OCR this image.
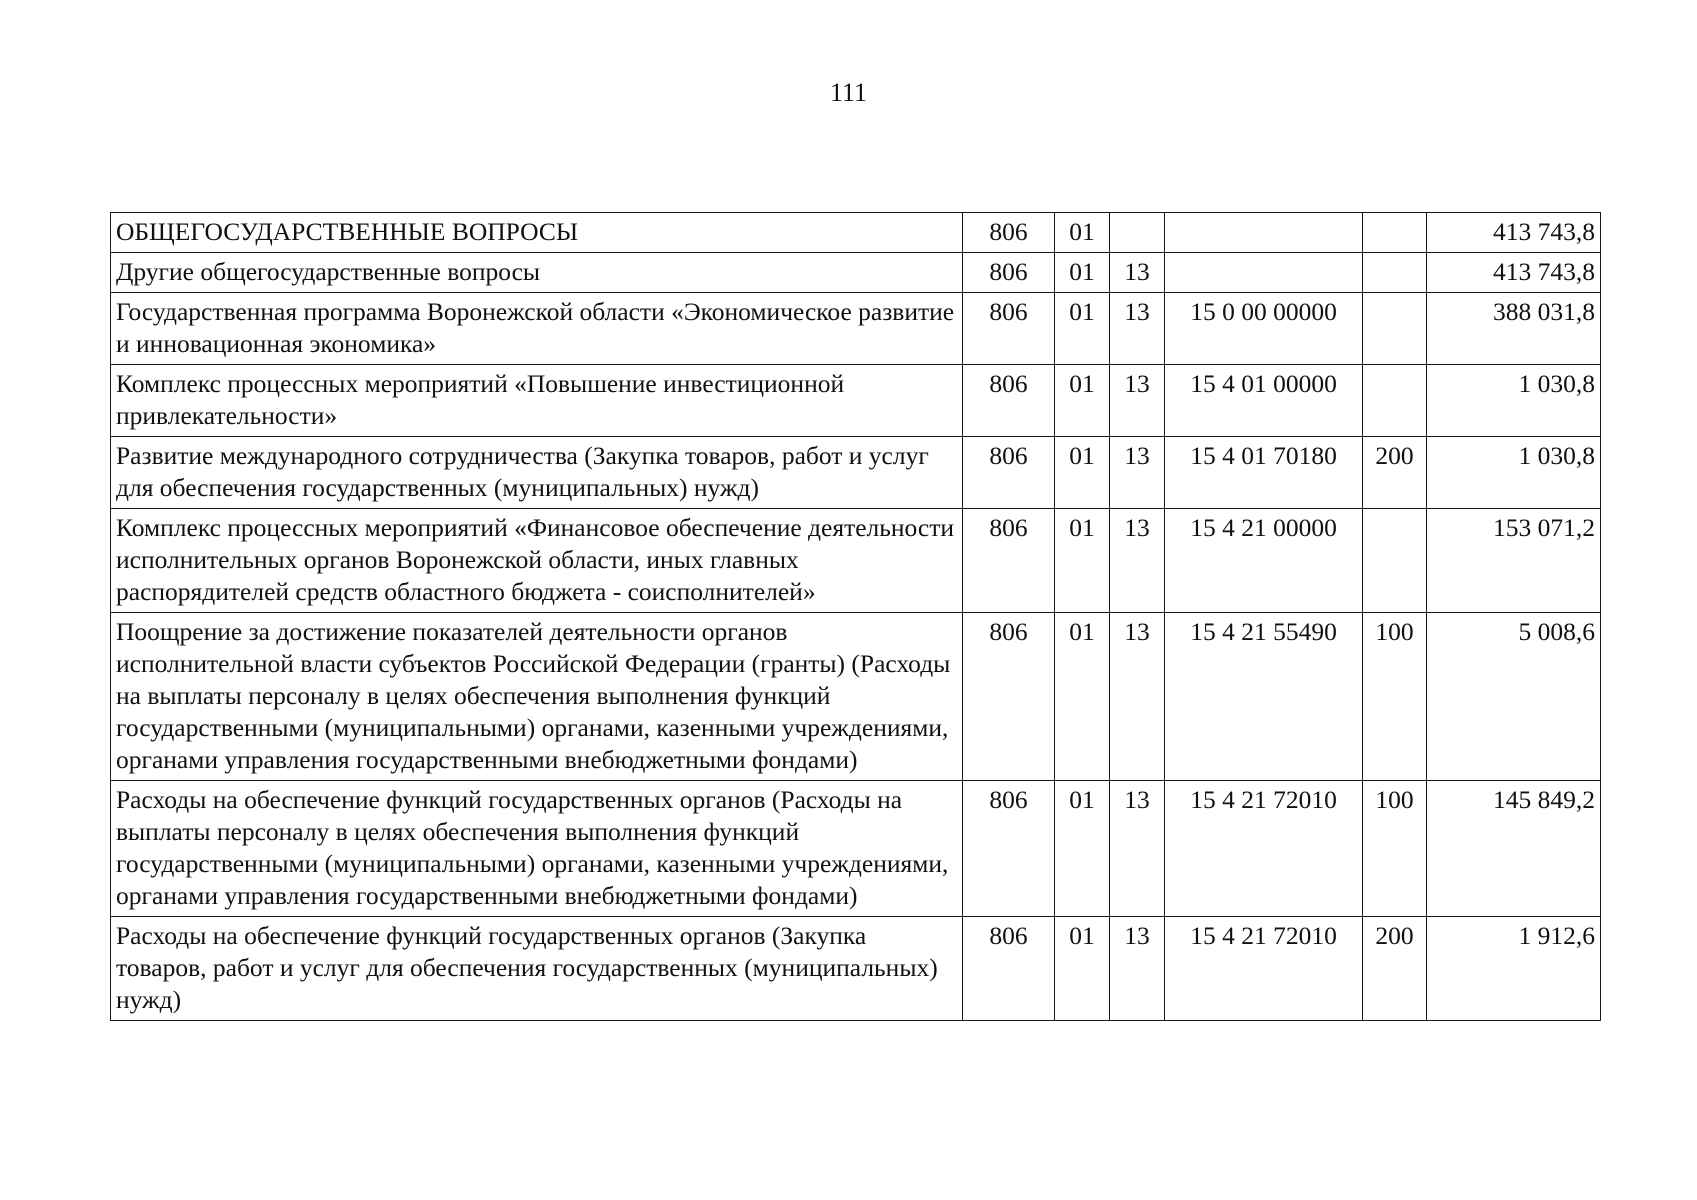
111
ОБЩЕГОСУДАРСТВЕННЫЕ ВОПРОСЫ	806	01				413 743,8
Другие общегосударственные вопросы	806	01	13			413 743,8
Государственная программа Воронежской области «Экономическое развитие и инновационная экономика»	806	01	13	15 0 00 00000		388 031,8
Комплекс процессных мероприятий «Повышение инвестиционной привлекательности»	806	01	13	15 4 01 00000		1 030,8
Развитие международного сотрудничества (Закупка товаров, работ и услуг для обеспечения государственных (муниципальных) нужд)	806	01	13	15 4 01 70180	200	1 030,8
Комплекс процессных мероприятий «Финансовое обеспечение деятельности исполнительных органов Воронежской области, иных главных распорядителей средств областного бюджета - соисполнителей»	806	01	13	15 4 21 00000		153 071,2
Поощрение за достижение показателей деятельности органов исполнительной власти субъектов Российской Федерации (гранты) (Расходы на выплаты персоналу в целях обеспечения выполнения функций государственными (муниципальными) органами, казенными учреждениями, органами управления государственными внебюджетными фондами)	806	01	13	15 4 21 55490	100	5 008,6
Расходы на обеспечение функций государственных органов (Расходы на выплаты персоналу в целях обеспечения выполнения функций государственными (муниципальными) органами, казенными учреждениями, органами управления государственными внебюджетными фондами)	806	01	13	15 4 21 72010	100	145 849,2
Расходы на обеспечение функций государственных органов (Закупка товаров, работ и услуг для обеспечения государственных (муниципальных) нужд)	806	01	13	15 4 21 72010	200	1 912,6
